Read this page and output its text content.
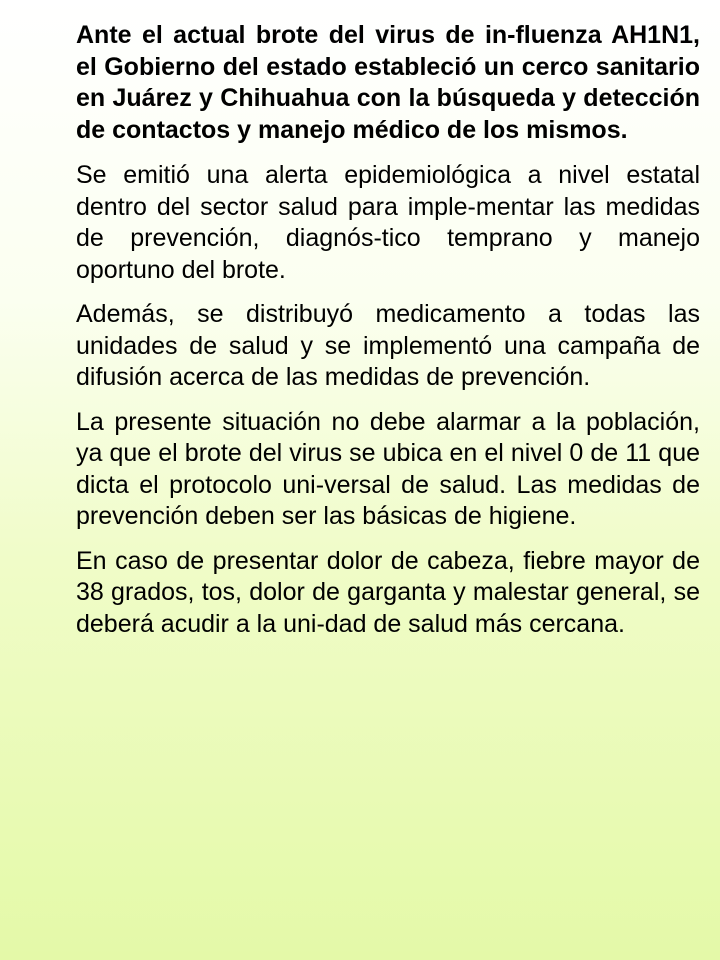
Ante el actual brote del virus de in-fluenza AH1N1, el Gobierno del estado estableció un cerco sanitario en Juárez y Chihuahua con la búsqueda y detección de contactos y manejo médico de los mismos.

Se emitió una alerta epidemiológica a nivel estatal dentro del sector salud para imple-mentar las medidas de prevención, diagnós-tico temprano y manejo oportuno del brote.

Además, se distribuyó medicamento a todas las unidades de salud y se implementó una campaña de difusión acerca de las medidas de prevención.

La presente situación no debe alarmar a la población, ya que el brote del virus se ubica en el nivel 0 de 11 que dicta el protocolo uni-versal de salud. Las medidas de prevención deben ser las básicas de higiene.

En caso de presentar dolor de cabeza, fiebre mayor de 38 grados, tos, dolor de garganta y malestar general, se deberá acudir a la uni-dad de salud más cercana.
